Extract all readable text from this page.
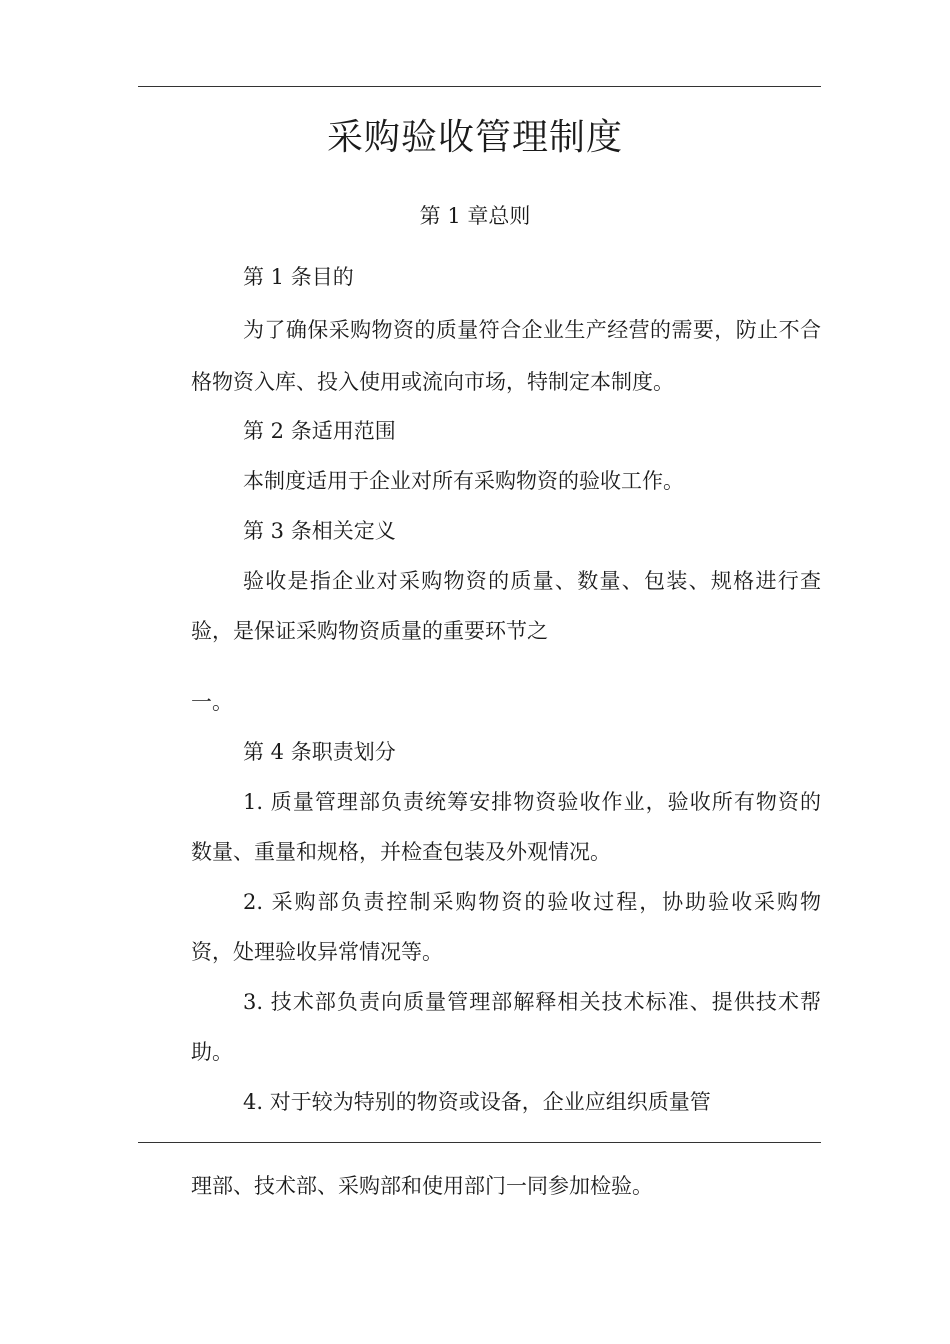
采购验收管理制度
第 1 章总则
第 1 条目的
为了确保采购物资的质量符合企业生产经营的需要，防止不合
格物资入库、投入使用或流向市场，特制定本制度。
第 2 条适用范围
本制度适用于企业对所有采购物资的验收工作。
第 3 条相关定义
验收是指企业对采购物资的质量、数量、包装、规格进行查
验，是保证采购物资质量的重要环节之
一。
第 4 条职责划分
1. 质量管理部负责统筹安排物资验收作业，验收所有物资的
数量、重量和规格，并检查包装及外观情况。
2. 采购部负责控制采购物资的验收过程，协助验收采购物
资，处理验收异常情况等。
3. 技术部负责向质量管理部解释相关技术标准、提供技术帮
助。
4. 对于较为特别的物资或设备，企业应组织质量管
理部、技术部、采购部和使用部门一同参加检验。
